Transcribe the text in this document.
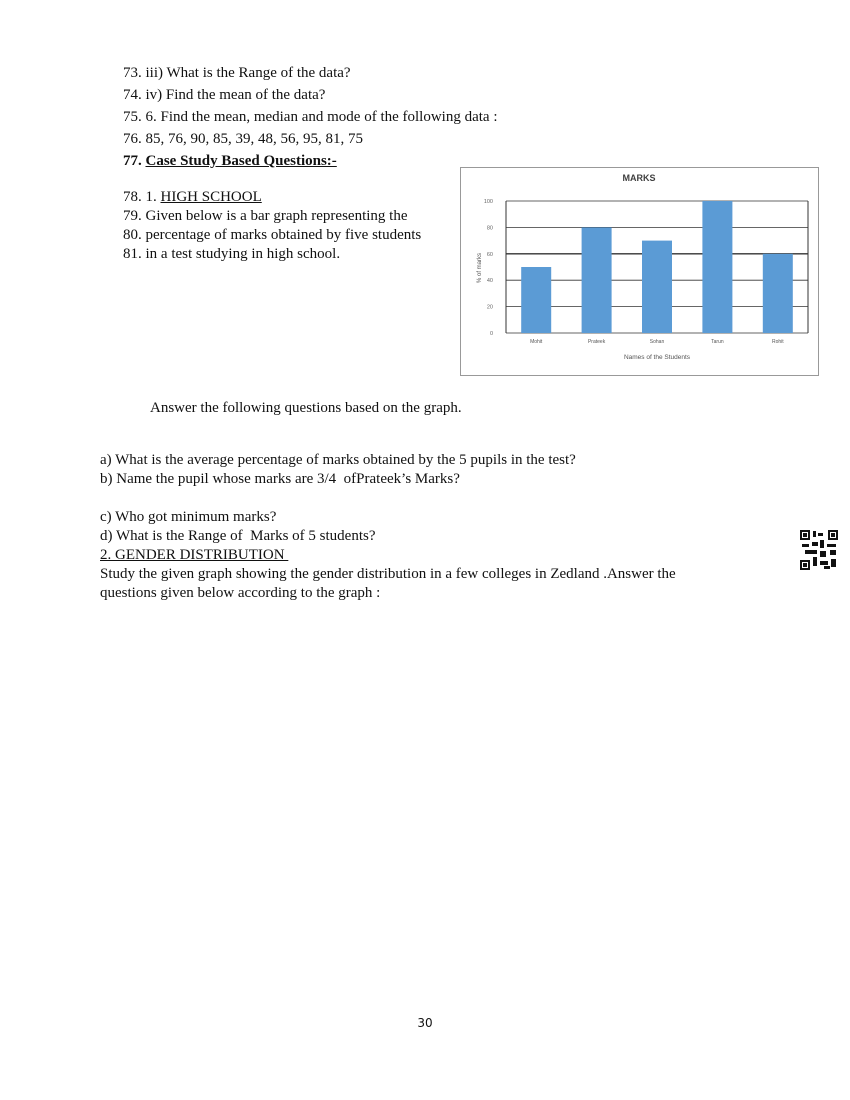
73. iii) What is the Range of the data?
74. iv) Find the mean of the data?
75. 6. Find the mean, median and mode of the following data :
76. 85, 76, 90, 85, 39, 48, 56, 95, 81, 75
77. Case Study Based Questions:-
78. 1. HIGH SCHOOL
79. Given below is a bar graph representing the
80. percentage of marks obtained by five students
81. in a test studying in high school.
MARKS
Names of the Students
% of marks
0
20
40
60
80
100
Mohit	Prateek	Sohan	Tarun	Rohit
Answer the following questions based on the graph.
a) What is the average percentage of marks obtained by the 5 pupils in the test?
b) Name the pupil whose marks are 3/4  ofPrateek’s Marks?
c) Who got minimum marks?
d) What is the Range of  Marks of 5 students?
2. GENDER DISTRIBUTION
Study the given graph showing the gender distribution in a few colleges in Zedland .Answer the
questions given below according to the graph :
30
